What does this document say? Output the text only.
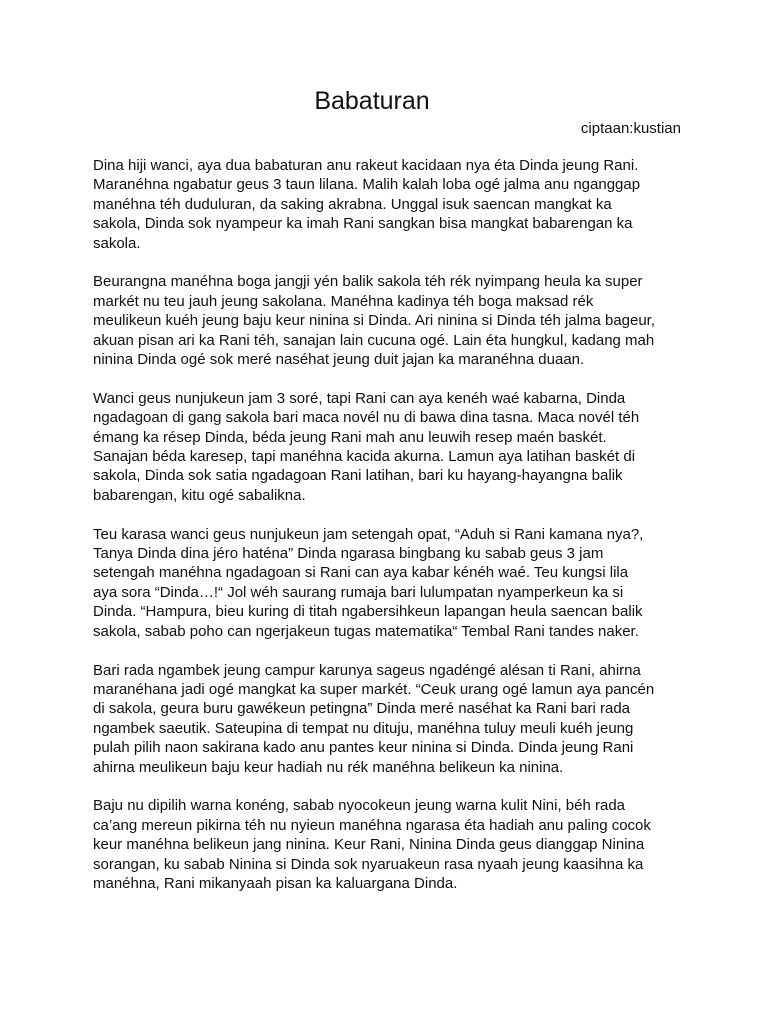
Babaturan

ciptaan:kustian

Dina hiji wanci, aya dua babaturan anu rakeut kacidaan nya éta Dinda jeung Rani.
Maranéhna ngabatur geus 3 taun lilana. Malih kalah loba ogé jalma anu nganggap
manéhna téh duduluran, da saking akrabna. Unggal isuk saencan mangkat ka
sakola, Dinda sok nyampeur ka imah Rani sangkan bisa mangkat babarengan ka
sakola.

Beurangna manéhna boga jangji yén balik sakola téh rék nyimpang heula ka super
markét nu teu jauh jeung sakolana. Manéhna kadinya téh boga maksad rék
meulikeun kuéh jeung baju keur ninina si Dinda. Ari ninina si Dinda téh jalma bageur,
akuan pisan ari ka Rani téh, sanajan lain cucuna ogé. Lain éta hungkul, kadang mah
ninina Dinda ogé sok meré naséhat jeung duit jajan ka maranéhna duaan.

Wanci geus nunjukeun jam 3 soré, tapi Rani can aya kenéh waé kabarna, Dinda
ngadagoan di gang sakola bari maca novél nu di bawa dina tasna. Maca novél téh
émang ka résep Dinda, béda jeung Rani mah anu leuwih resep maén baskét.
Sanajan béda karesep, tapi manéhna kacida akurna. Lamun aya latihan baskét di
sakola, Dinda sok satia ngadagoan Rani latihan, bari ku hayang-hayangna balik
babarengan, kitu ogé sabalikna.

Teu karasa wanci geus nunjukeun jam setengah opat, “Aduh si Rani kamana nya?,
Tanya Dinda dina jéro haténa” Dinda ngarasa bingbang ku sabab geus 3 jam
setengah manéhna ngadagoan si Rani can aya kabar kénéh waé. Teu kungsi lila
aya sora “Dinda…!“ Jol wéh saurang rumaja bari lulumpatan nyamperkeun ka si
Dinda. “Hampura, bieu kuring di titah ngabersihkeun lapangan heula saencan balik
sakola, sabab poho can ngerjakeun tugas matematika“ Tembal Rani tandes naker.

Bari rada ngambek jeung campur karunya sageus ngadéngé alésan ti Rani, ahirna
maranéhana jadi ogé mangkat ka super markét. “Ceuk urang ogé lamun aya pancén
di sakola, geura buru gawékeun petingna” Dinda meré naséhat ka Rani bari rada
ngambek saeutik. Sateupina di tempat nu dituju, manéhna tuluy meuli kuéh jeung
pulah pilih naon sakirana kado anu pantes keur ninina si Dinda. Dinda jeung Rani
ahirna meulikeun baju keur hadiah nu rék manéhna belikeun ka ninina.

Baju nu dipilih warna konéng, sabab nyocokeun jeung warna kulit Nini, béh rada
ca’ang mereun pikirna téh nu nyieun manéhna ngarasa éta hadiah anu paling cocok
keur manéhna belikeun jang ninina. Keur Rani, Ninina Dinda geus dianggap Ninina
sorangan, ku sabab Ninina si Dinda sok nyaruakeun rasa nyaah jeung kaasihna ka
manéhna, Rani mikanyaah pisan ka kaluargana Dinda.
